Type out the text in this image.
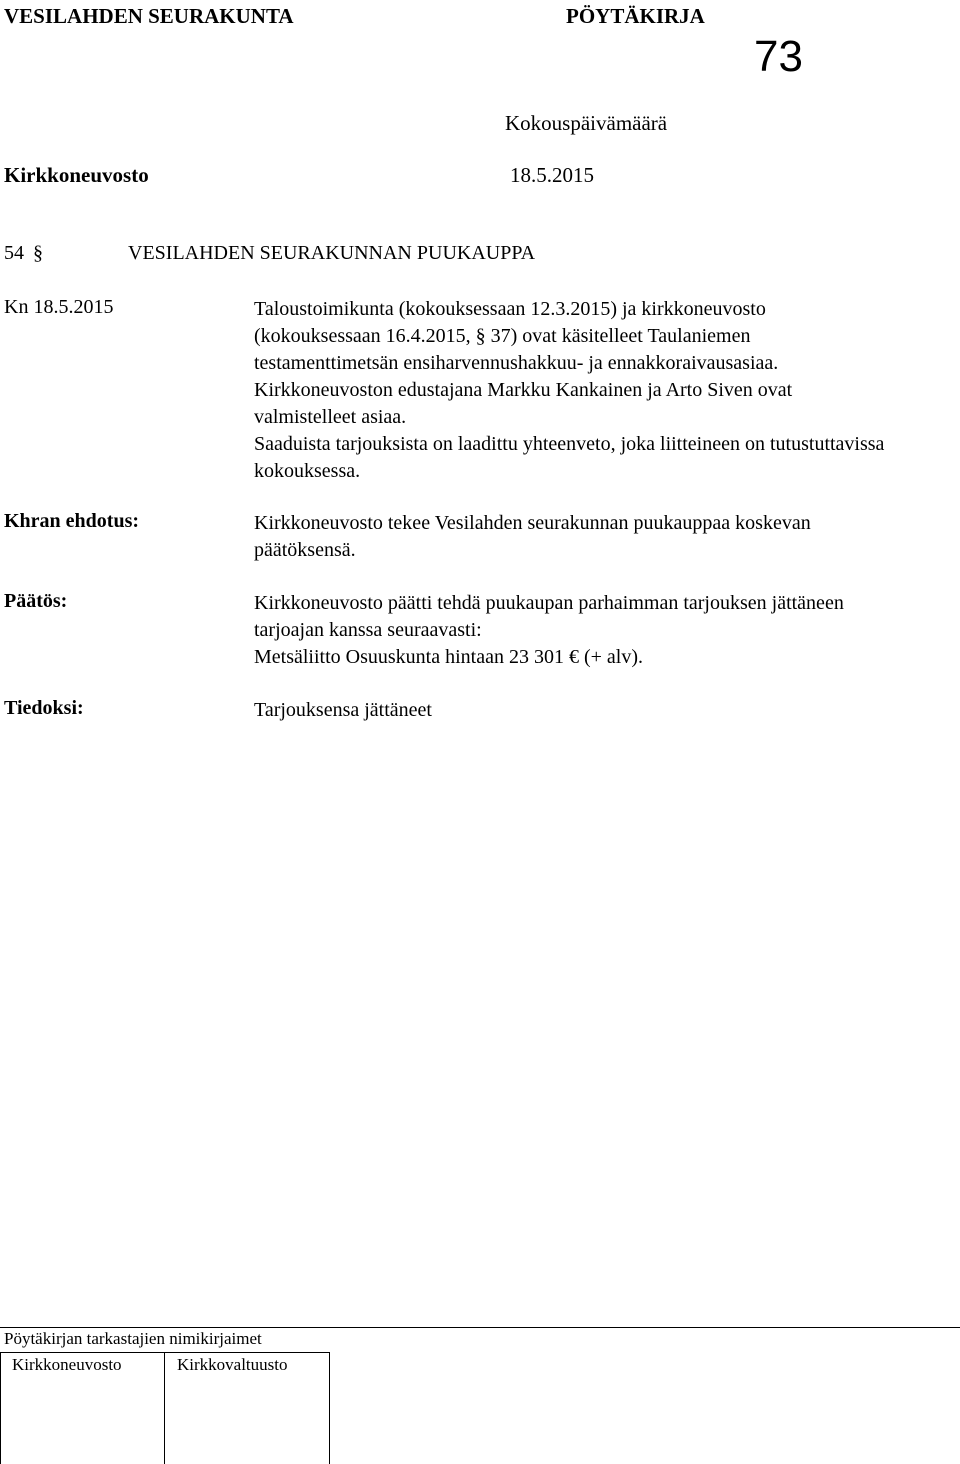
VESILAHDEN SEURAKUNTA	PÖYTÄKIRJA
73
Kokouspäivämäärä
Kirkkoneuvosto	18.5.2015
54 §	VESILAHDEN SEURAKUNNAN PUUKAUPPA
Kn 18.5.2015	Taloustoimikunta (kokouksessaan 12.3.2015) ja kirkkoneuvosto (kokouksessaan 16.4.2015, § 37) ovat käsitelleet Taulaniemen testamenttimetsän ensiharvennushakkuu- ja ennakkoraivausasiaa.

Kirkkoneuvoston edustajana Markku Kankainen ja Arto Siven ovat valmistelleet asiaa.

Saaduista tarjouksista on laadittu yhteenveto, joka liitteineen on tutustuttavissa kokouksessa.

Khran ehdotus:	Kirkkoneuvosto tekee Vesilahden seurakunnan puukauppaa koskevan päätöksensä.
Päätös:	Kirkkoneuvosto päätti tehdä puukaupan parhaimman tarjouksen jättäneen tarjoajan kanssa seuraavasti:

Metsäliitto Osuuskunta hintaan 23 301 € (+ alv).

Tiedoksi:	Tarjouksensa jättäneet
Pöytäkirjan tarkastajien nimikirjaimet
Kirkkoneuvosto	Kirkkovaltuusto
